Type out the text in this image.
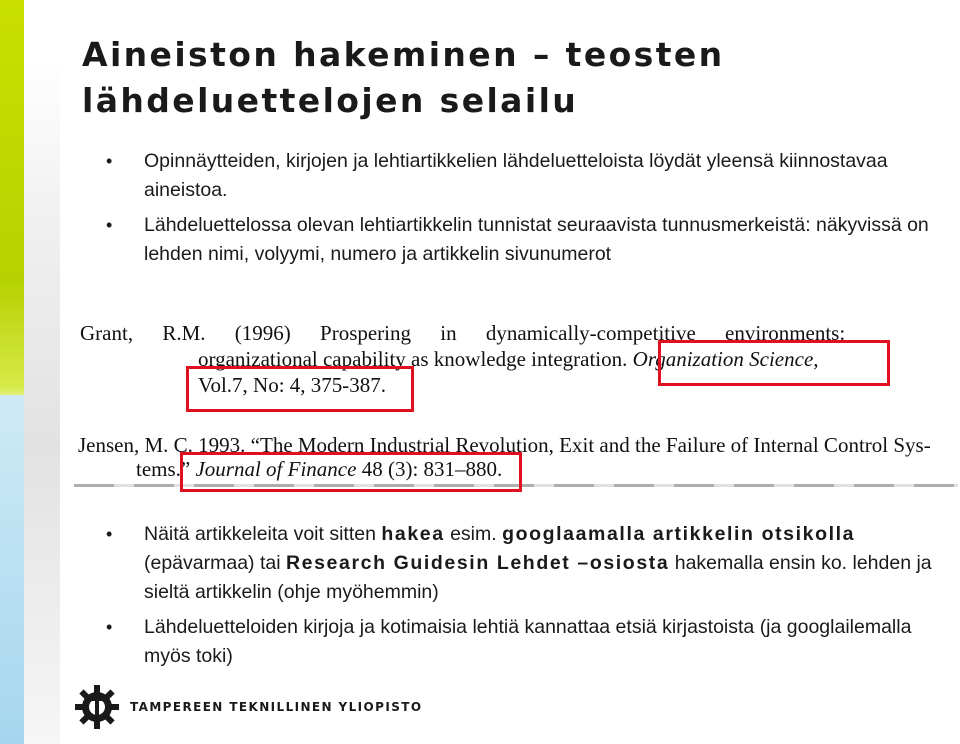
Aineiston hakeminen – teosten
lähdeluettelojen selailu
• Opinnäytteiden, kirjojen ja lehtiartikkelien lähdeluetteloista löydät yleensä kiinnostavaa aineistoa.
• Lähdeluettelossa olevan lehtiartikkelin tunnistat seuraavista tunnusmerkeistä: näkyvissä on lehden nimi, volyymi, numero ja artikkelin sivunumerot
Grant, R.M. (1996) Prospering in dynamically-competitive environments:
organizational capability as knowledge integration. Organization Science,
Vol.7, No: 4, 375-387.
Jensen, M. C. 1993. “The Modern Industrial Revolution, Exit and the Failure of Internal Control Sys-
tems.” Journal of Finance 48 (3): 831–880.
• Näitä artikkeleita voit sitten hakea esim. googlaamalla artikkelin otsikolla (epävarmaa) tai Research Guidesin Lehdet –osiosta hakemalla ensin ko. lehden ja sieltä artikkelin (ohje myöhemmin)
• Lähdeluetteloiden kirjoja ja kotimaisia lehtiä kannattaa etsiä kirjastoista (ja googlailemalla myös toki)
TAMPEREEN TEKNILLINEN YLIOPISTO
